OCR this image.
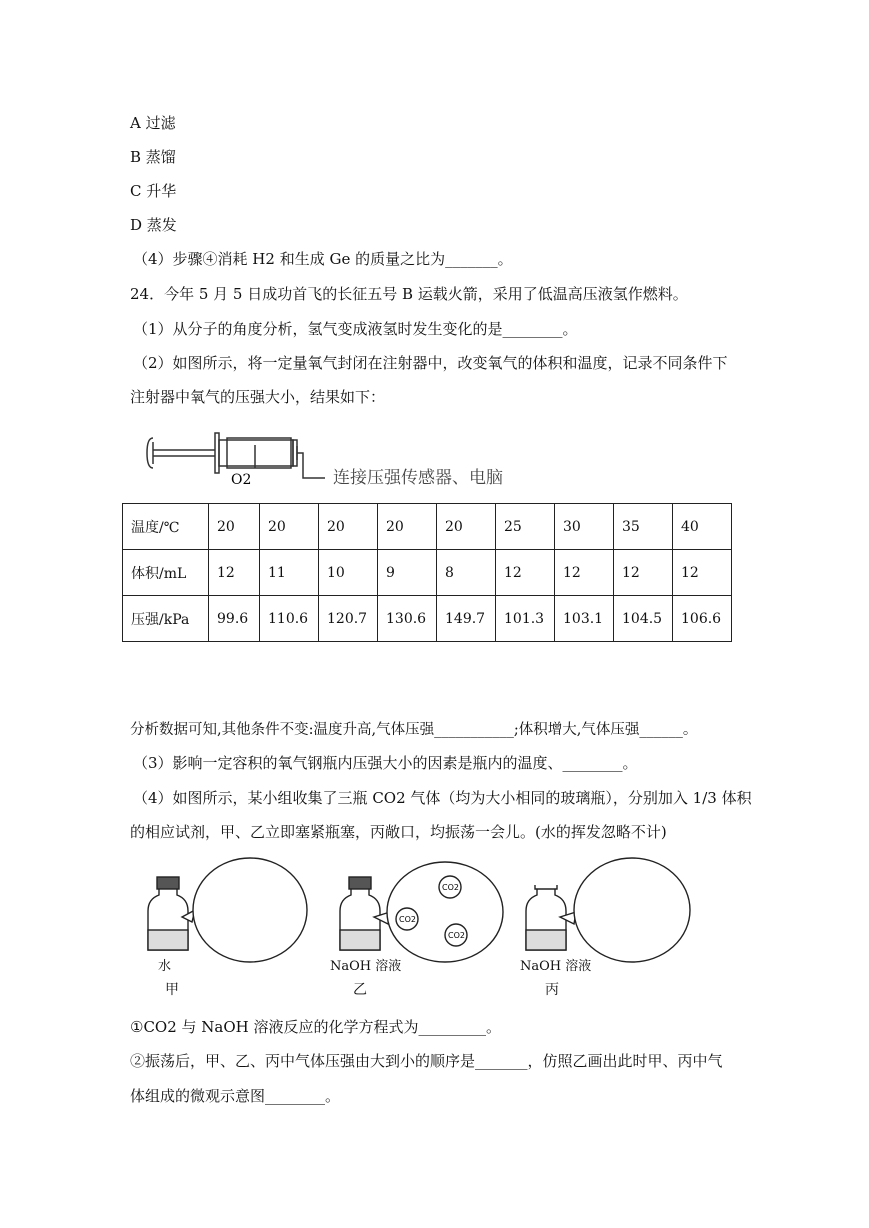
A 过滤
B 蒸馏
C 升华
D 蒸发
（4）步骤④消耗 H2 和生成 Ge 的质量之比为_______。
24．今年 5 月 5 日成功首飞的长征五号 B 运载火箭，采用了低温高压液氢作燃料。
（1）从分子的角度分析，氢气变成液氢时发生变化的是________。
（2）如图所示，将一定量氧气封闭在注射器中，改变氧气的体积和温度，记录不同条件下
注射器中氧气的压强大小，结果如下：
O2	连接压强传感器、电脑
温度/℃	20	20	20	20	20	25	30	35	40
体积/mL	12	11	10	9	8	12	12	12	12
压强/kPa	99.6	110.6	120.7	130.6	149.7	101.3	103.1	104.5	106.6
分析数据可知,其他条件不变:温度升高,气体压强___________;体积增大,气体压强______。
（3）影响一定容积的氧气钢瓶内压强大小的因素是瓶内的温度、________。
（4）如图所示，某小组收集了三瓶 CO2 气体（均为大小相同的玻璃瓶），分别加入 1/3 体积
的相应试剂，甲、乙立即塞紧瓶塞，丙敞口，均振荡一会儿。(水的挥发忽略不计)
CO2
CO2
CO2
水
甲
NaOH 溶液
乙
NaOH 溶液
丙
①CO2 与 NaOH 溶液反应的化学方程式为_________。
②振荡后，甲、乙、丙中气体压强由大到小的顺序是_______，仿照乙画出此时甲、丙中气
体组成的微观示意图________。
